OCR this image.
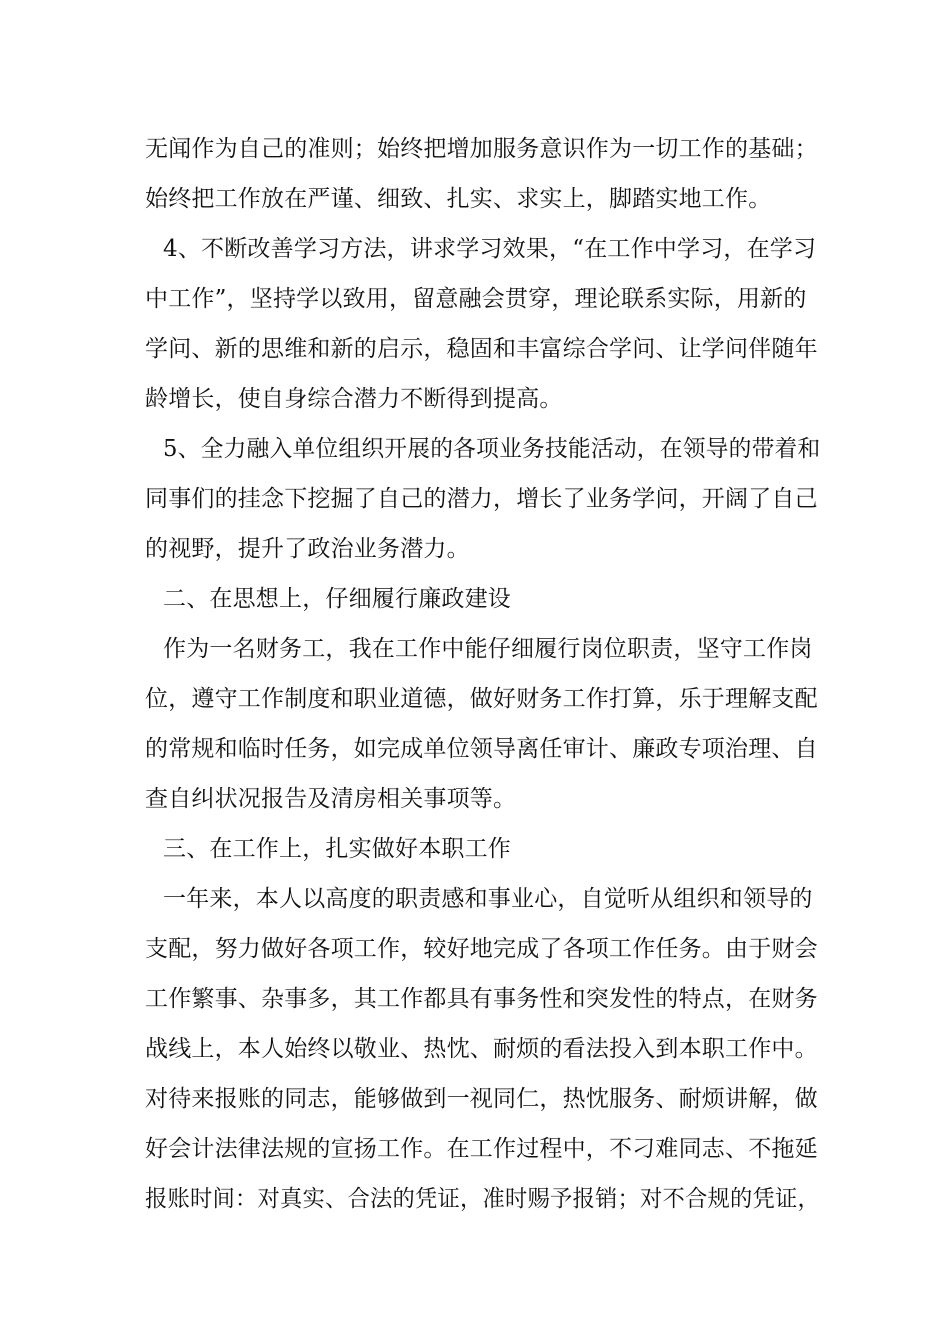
无闻作为自己的准则；始终把增加服务意识作为一切工作的基础；
始终把工作放在严谨、细致、扎实、求实上，脚踏实地工作。
4、不断改善学习方法，讲求学习效果，“在工作中学习，在学习
中工作”，坚持学以致用，留意融会贯穿，理论联系实际，用新的
学问、新的思维和新的启示，稳固和丰富综合学问、让学问伴随年
龄增长，使自身综合潜力不断得到提高。
5、全力融入单位组织开展的各项业务技能活动，在领导的带着和
同事们的挂念下挖掘了自己的潜力，增长了业务学问，开阔了自己
的视野，提升了政治业务潜力。
二、在思想上，仔细履行廉政建设
作为一名财务工，我在工作中能仔细履行岗位职责，坚守工作岗
位，遵守工作制度和职业道德，做好财务工作打算，乐于理解支配
的常规和临时任务，如完成单位领导离任审计、廉政专项治理、自
查自纠状况报告及清房相关事项等。
三、在工作上，扎实做好本职工作
一年来，本人以高度的职责感和事业心，自觉听从组织和领导的
支配，努力做好各项工作，较好地完成了各项工作任务。由于财会
工作繁事、杂事多，其工作都具有事务性和突发性的特点，在财务
战线上，本人始终以敬业、热忱、耐烦的看法投入到本职工作中。
对待来报账的同志，能够做到一视同仁，热忱服务、耐烦讲解，做
好会计法律法规的宣扬工作。在工作过程中，不刁难同志、不拖延
报账时间：对真实、合法的凭证，准时赐予报销；对不合规的凭证，
